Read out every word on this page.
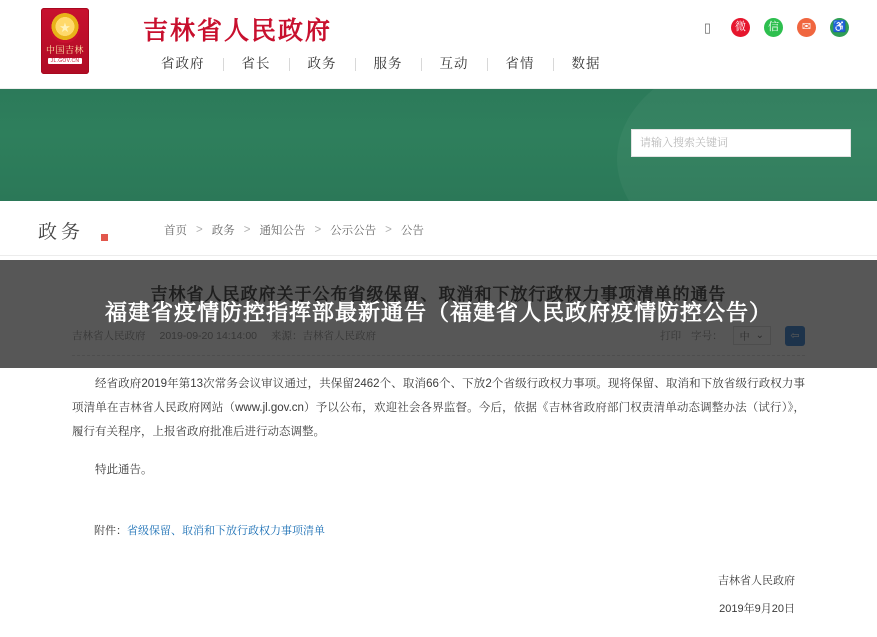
★
中国吉林
JL.GOV.CN
吉林省人民政府	▯	微	信	✉	♿
省政府	省长	政务	服务	互动	省情	数据
请输入搜索关键词
政务	首页 > 政务 > 通知公告 > 公示公告 > 公告

经省政府2019年第13次常务会议审议通过，共保留2462个、取消66个、下放2个省级行政权力事项。现将保留、取消和下放省级行政权力事项清单在吉林省人民政府网站（www.jl.gov.cn）予以公布，欢迎社会各界监督。今后，依据《吉林省政府部门权责清单动态调整办法（试行）》，履行有关程序，上报省政府批准后进行动态调整。

特此通告。

附件：省级保留、取消和下放行政权力事项清单
吉林省人民政府
2019年9月20日
福建省疫情防控指挥部最新通告（福建省人民政府疫情防控公告）
